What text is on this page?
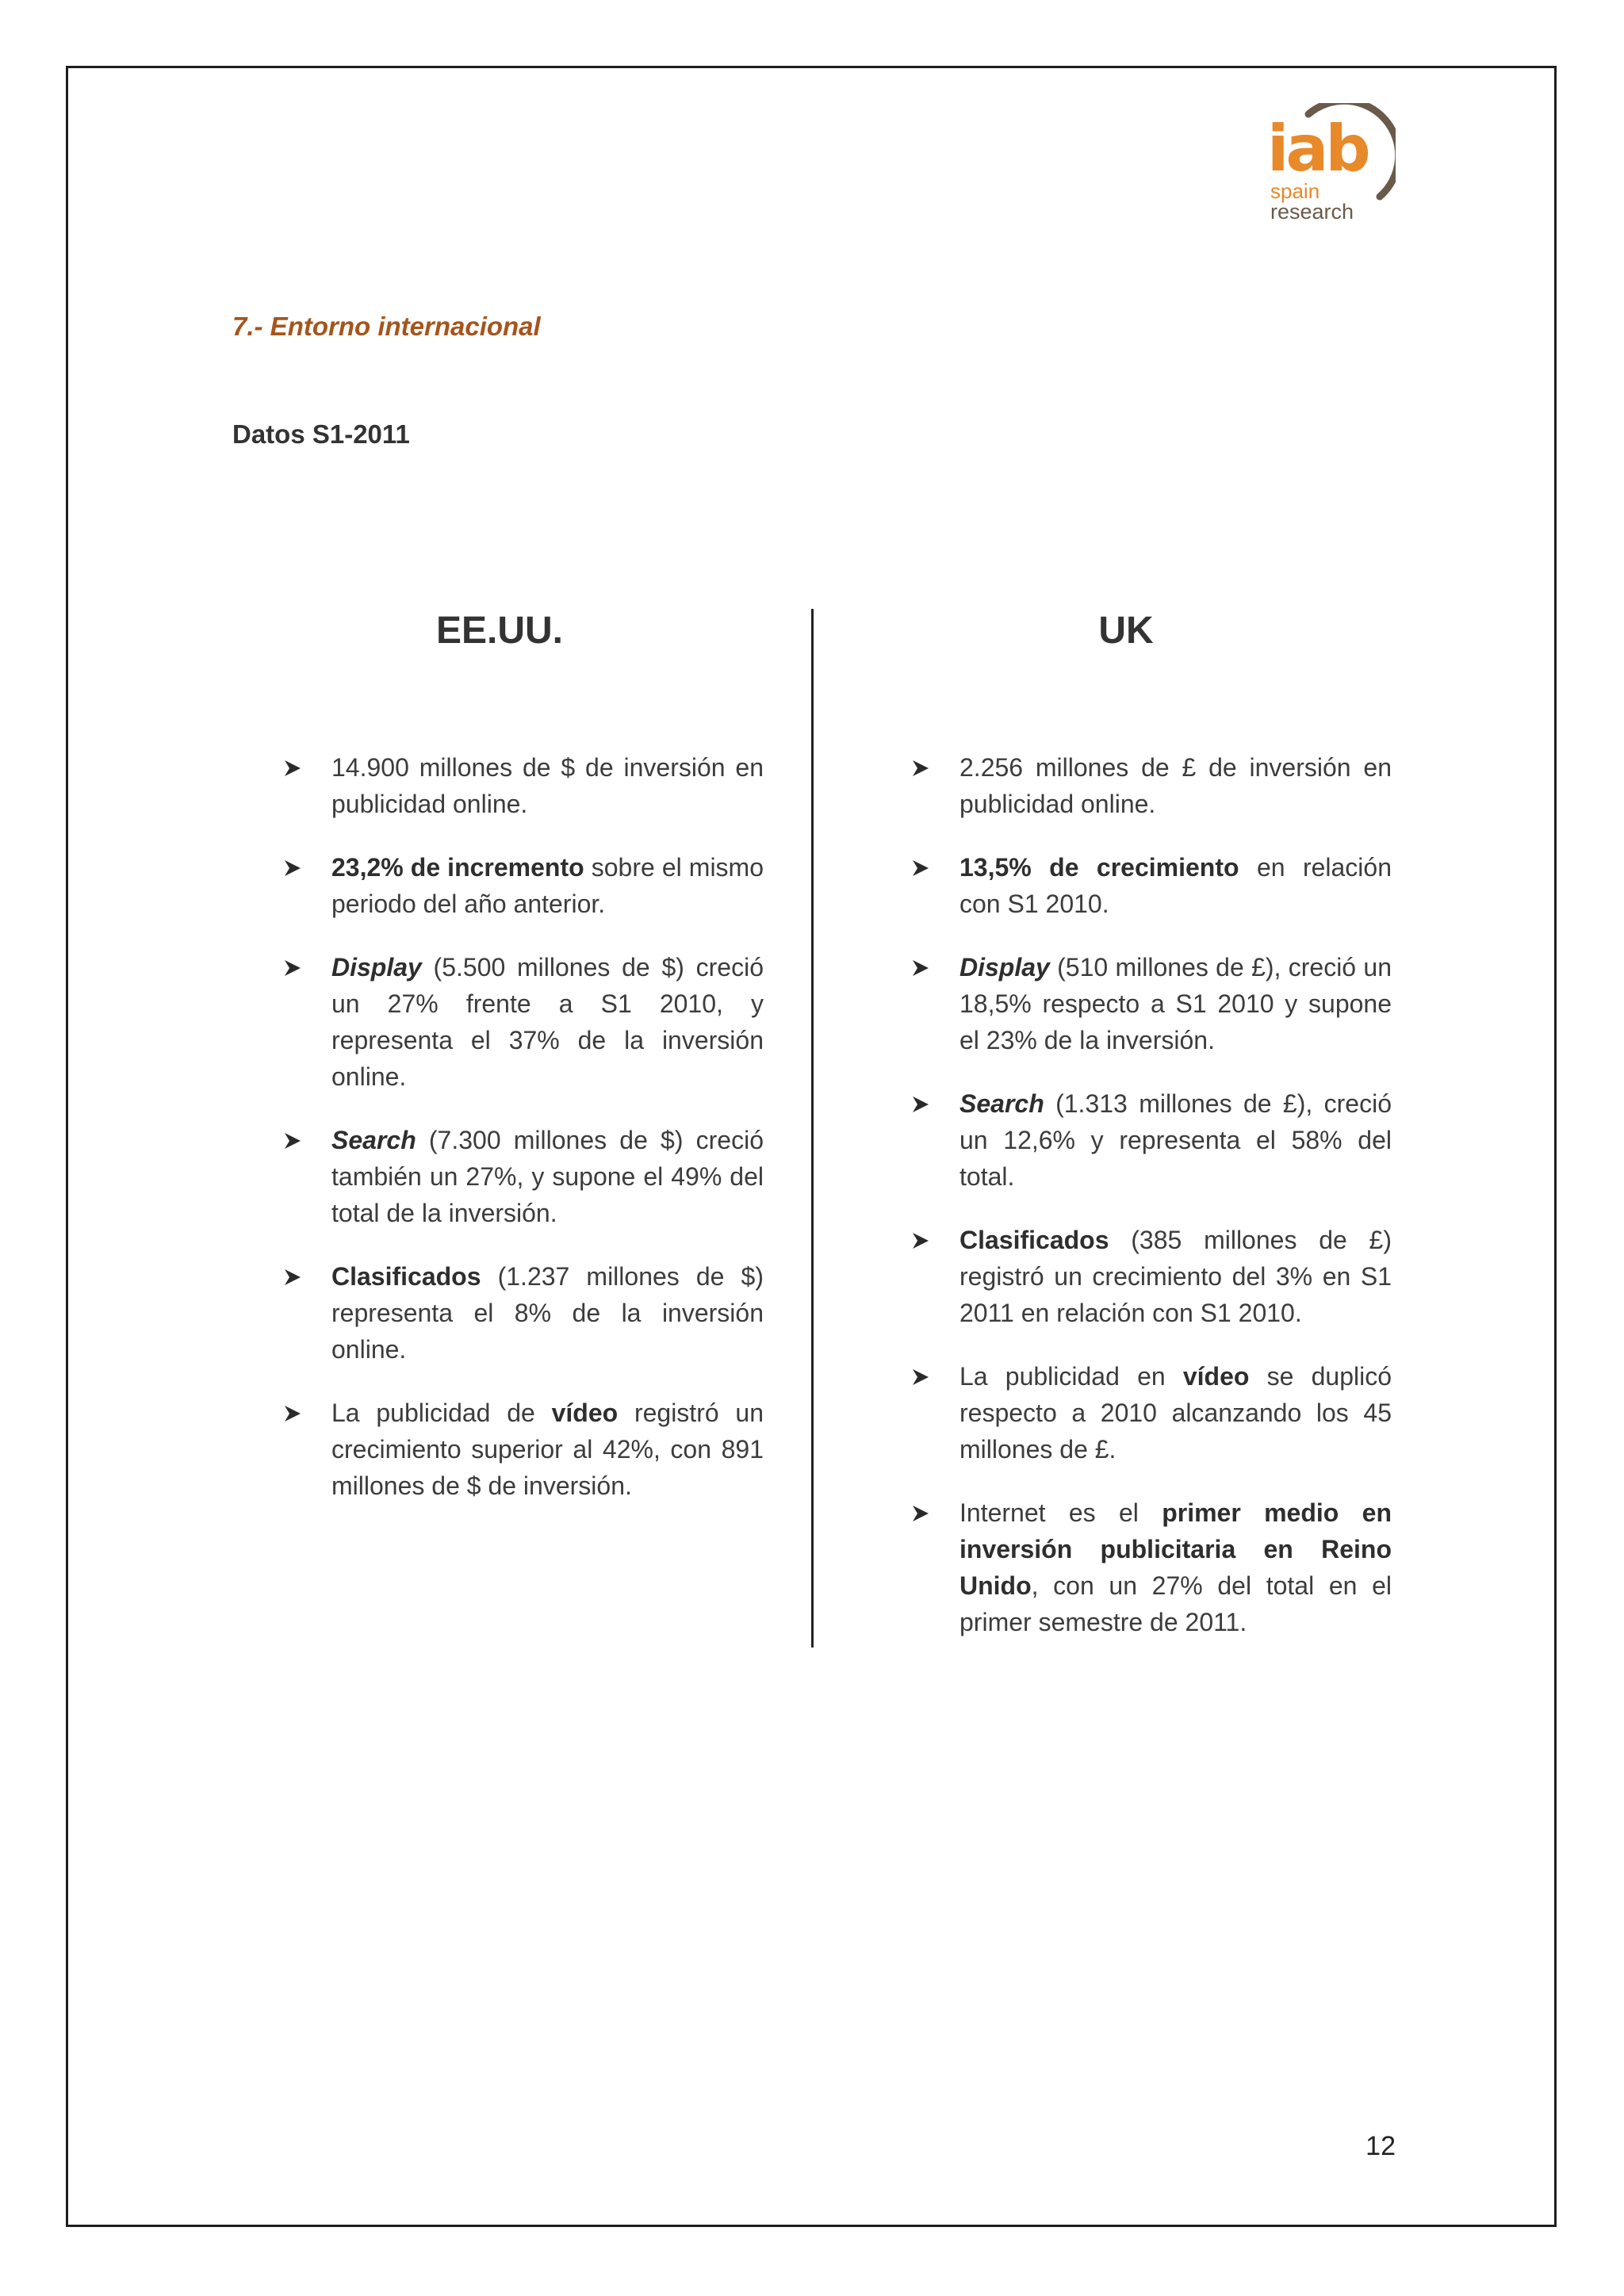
iab
spain
research
7.- Entorno internacional
Datos S1-2011
EE.UU.	UK
14.900 millones de $ de inversión en publicidad online.
23,2% de incremento sobre el mismo periodo del año anterior.
Display (5.500 millones de $) creció un 27% frente a S1 2010, y representa el 37% de la inversión online.
Search (7.300 millones de $) creció también un 27%, y supone el 49% del total de la inversión.
Clasificados (1.237 millones de $) representa el 8% de la inversión online.
La publicidad de vídeo registró un crecimiento superior al 42%, con 891 millones de $ de inversión.
2.256 millones de £ de inversión en publicidad online.
13,5% de crecimiento en relación con S1 2010.
Display (510 millones de £), creció un 18,5% respecto a S1 2010 y supone el 23% de la inversión.
Search (1.313 millones de £), creció un 12,6% y representa el 58% del total.
Clasificados (385 millones de £) registró un crecimiento del 3% en S1 2011 en relación con S1 2010.
La publicidad en vídeo se duplicó respecto a 2010 alcanzando los 45 millones de £.
Internet es el primer medio en inversión publicitaria en Reino Unido, con un 27% del total en el primer semestre de 2011.
12
